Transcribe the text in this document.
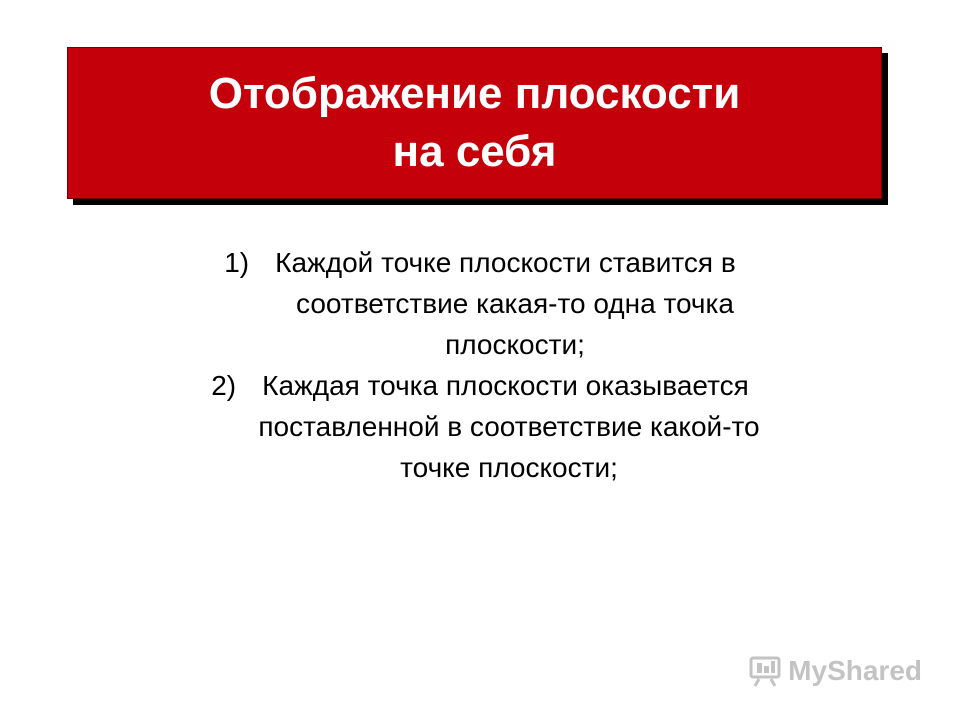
Отображение плоскости
на себя
1) Каждой точке плоскости ставится в
соответствие какая-то одна точка
плоскости;
2) Каждая точка плоскости оказывается
поставленной в соответствие какой-то
точке плоскости;
MyShared
